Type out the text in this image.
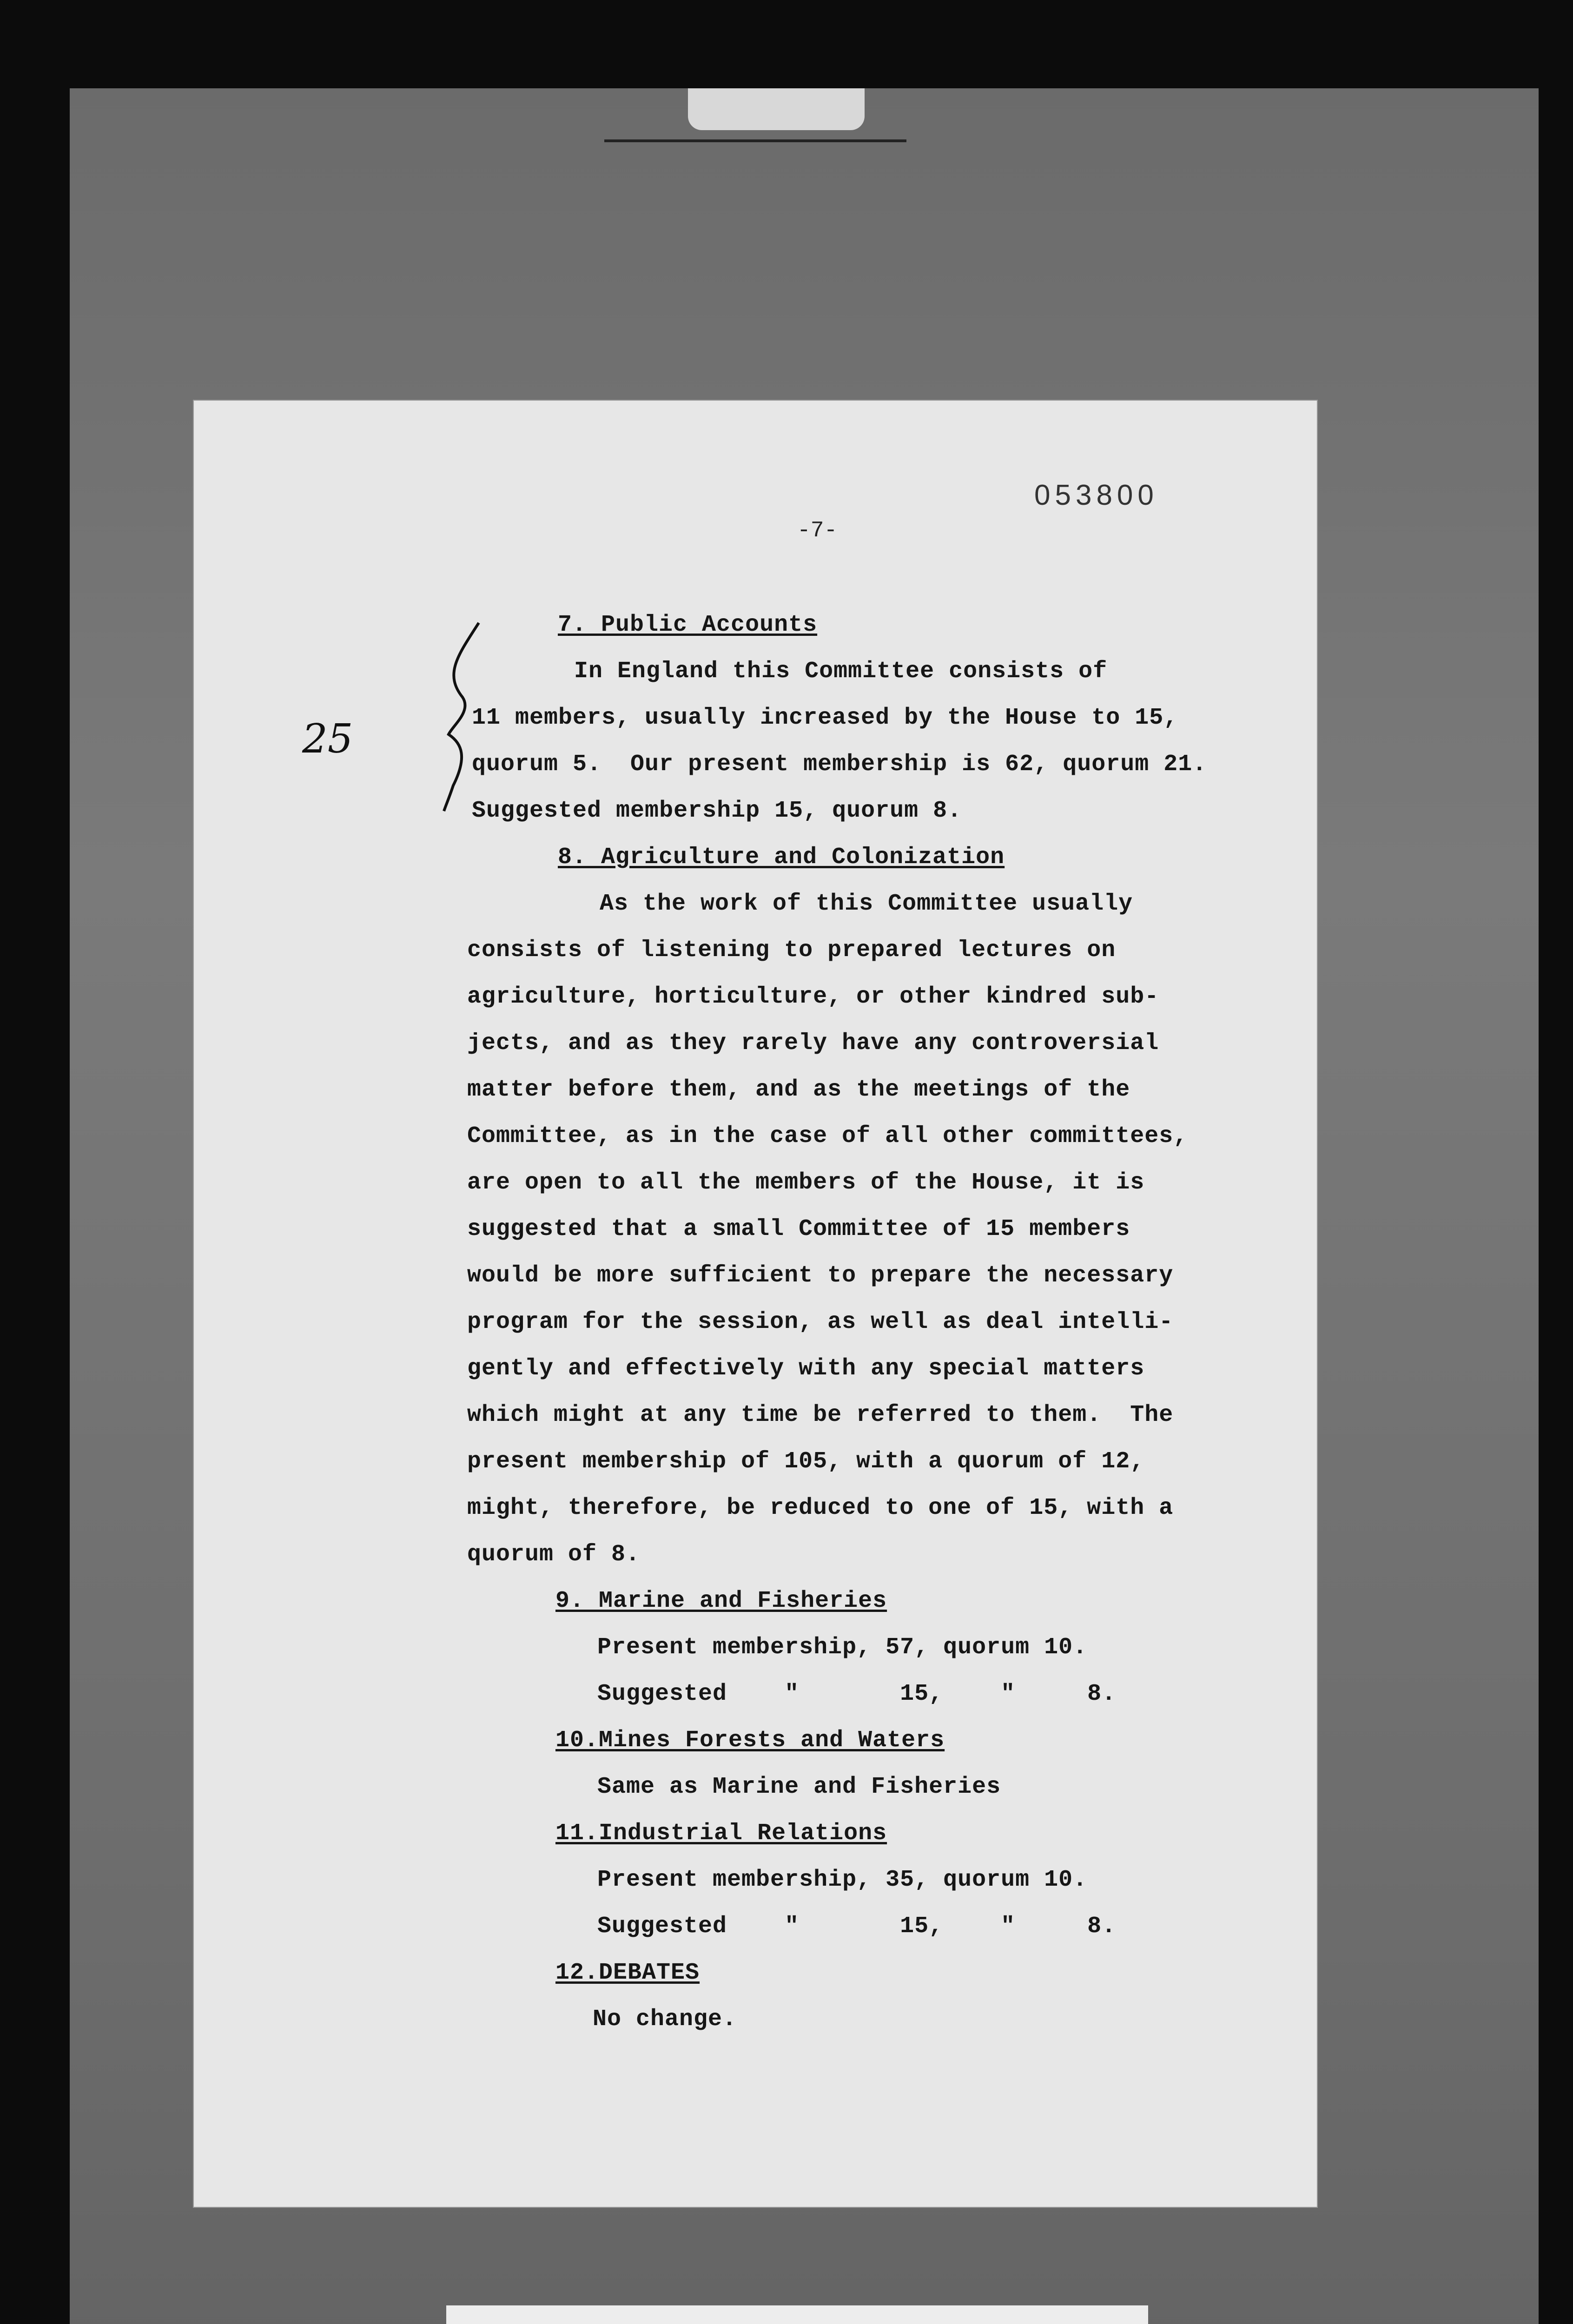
-7-
053800
25

7. Public Accounts

In England this Committee consists of

11 members, usually increased by the House to 15,

quorum 5.  Our present membership is 62, quorum 21.

Suggested membership 15, quorum 8.

8. Agriculture and Colonization

As the work of this Committee usually

consists of listening to prepared lectures on

agriculture, horticulture, or other kindred sub-

jects, and as they rarely have any controversial

matter before them, and as the meetings of the

Committee, as in the case of all other committees,

are open to all the members of the House, it is

suggested that a small Committee of 15 members

would be more sufficient to prepare the necessary

program for the session, as well as deal intelli-

gently and effectively with any special matters

which might at any time be referred to them.  The

present membership of 105, with a quorum of 12,

might, therefore, be reduced to one of 15, with a

quorum of 8.

9. Marine and Fisheries

Present membership, 57, quorum 10.

Suggested    "       15,    "     8.

10.Mines Forests and Waters

Same as Marine and Fisheries

11.Industrial Relations

Present membership, 35, quorum 10.

Suggested    "       15,    "     8.

12.DEBATES

No change.
